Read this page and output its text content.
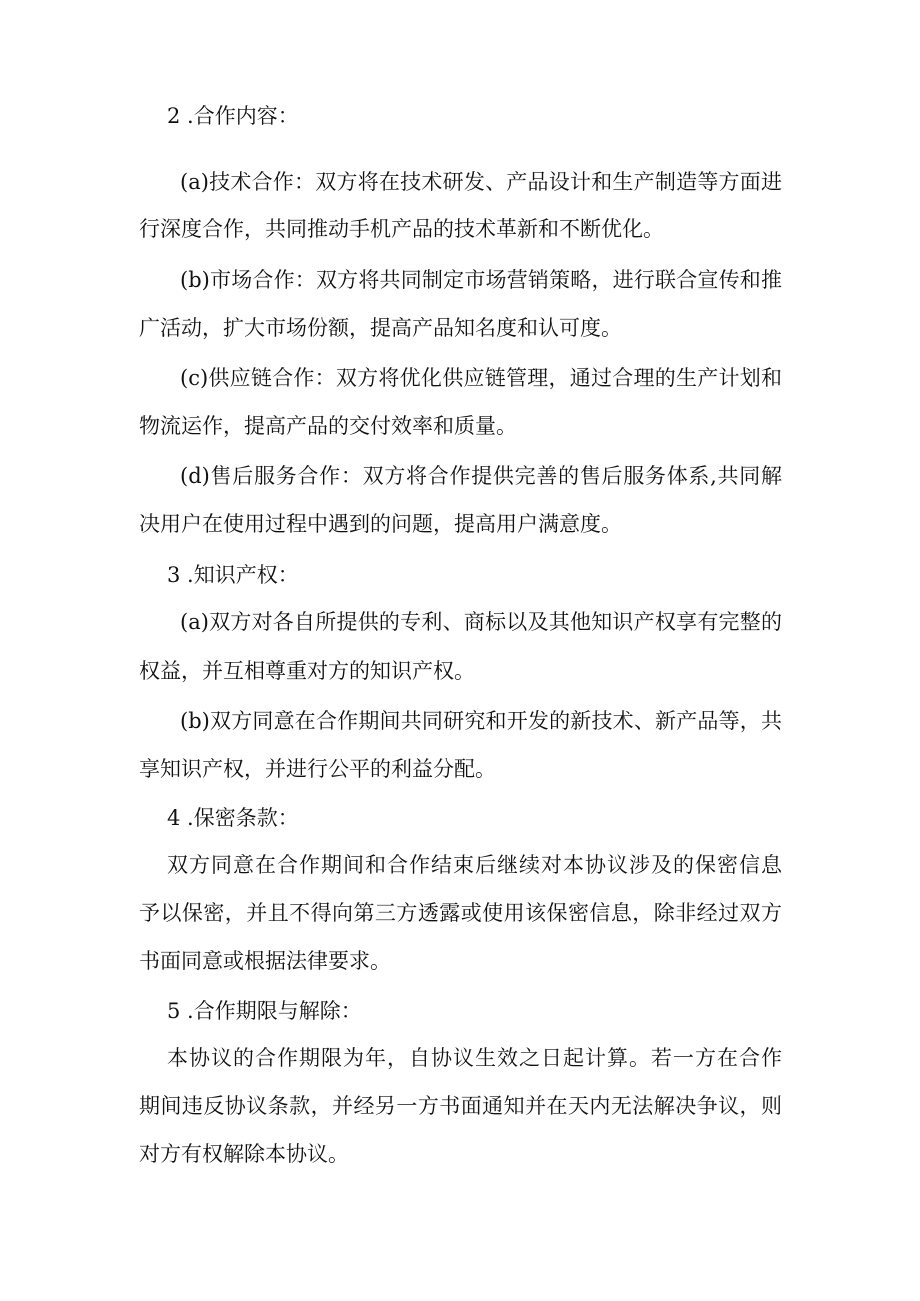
2 .合作内容：
(a)技术合作：双方将在技术研发、产品设计和生产制造等方面进
行深度合作，共同推动手机产品的技术革新和不断优化。
(b)市场合作：双方将共同制定市场营销策略，进行联合宣传和推
广活动，扩大市场份额，提高产品知名度和认可度。
(c)供应链合作：双方将优化供应链管理，通过合理的生产计划和
物流运作，提高产品的交付效率和质量。
(d)售后服务合作：双方将合作提供完善的售后服务体系,共同解
决用户在使用过程中遇到的问题，提高用户满意度。
3 .知识产权：
(a)双方对各自所提供的专利、商标以及其他知识产权享有完整的
权益，并互相尊重对方的知识产权。
(b)双方同意在合作期间共同研究和开发的新技术、新产品等，共
享知识产权，并进行公平的利益分配。
4 .保密条款：
双方同意在合作期间和合作结束后继续对本协议涉及的保密信息
予以保密，并且不得向第三方透露或使用该保密信息，除非经过双方
书面同意或根据法律要求。
5 .合作期限与解除：
本协议的合作期限为年，自协议生效之日起计算。若一方在合作
期间违反协议条款，并经另一方书面通知并在天内无法解决争议，则
对方有权解除本协议。
